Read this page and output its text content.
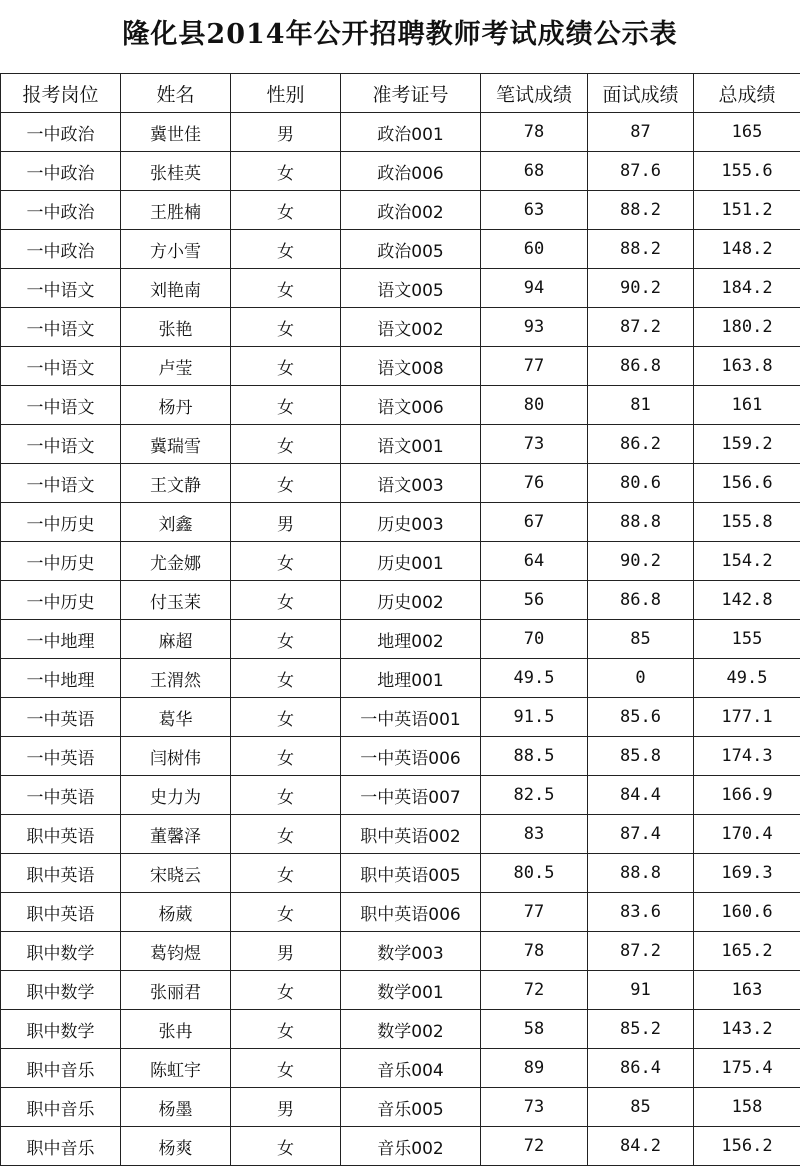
隆化县2014年公开招聘教师考试成绩公示表
报考岗位	姓名	性别	准考证号	笔试成绩	面试成绩	总成绩
一中政治	冀世佳	男	政治001	78	87	165
一中政治	张桂英	女	政治006	68	87.6	155.6
一中政治	王胜楠	女	政治002	63	88.2	151.2
一中政治	方小雪	女	政治005	60	88.2	148.2
一中语文	刘艳南	女	语文005	94	90.2	184.2
一中语文	张艳	女	语文002	93	87.2	180.2
一中语文	卢莹	女	语文008	77	86.8	163.8
一中语文	杨丹	女	语文006	80	81	161
一中语文	冀瑞雪	女	语文001	73	86.2	159.2
一中语文	王文静	女	语文003	76	80.6	156.6
一中历史	刘鑫	男	历史003	67	88.8	155.8
一中历史	尤金娜	女	历史001	64	90.2	154.2
一中历史	付玉茉	女	历史002	56	86.8	142.8
一中地理	麻超	女	地理002	70	85	155
一中地理	王渭然	女	地理001	49.5	0	49.5
一中英语	葛华	女	一中英语001	91.5	85.6	177.1
一中英语	闫树伟	女	一中英语006	88.5	85.8	174.3
一中英语	史力为	女	一中英语007	82.5	84.4	166.9
职中英语	董馨泽	女	职中英语002	83	87.4	170.4
职中英语	宋晓云	女	职中英语005	80.5	88.8	169.3
职中英语	杨葳	女	职中英语006	77	83.6	160.6
职中数学	葛钧煜	男	数学003	78	87.2	165.2
职中数学	张丽君	女	数学001	72	91	163
职中数学	张冉	女	数学002	58	85.2	143.2
职中音乐	陈虹宇	女	音乐004	89	86.4	175.4
职中音乐	杨墨	男	音乐005	73	85	158
职中音乐	杨爽	女	音乐002	72	84.2	156.2
